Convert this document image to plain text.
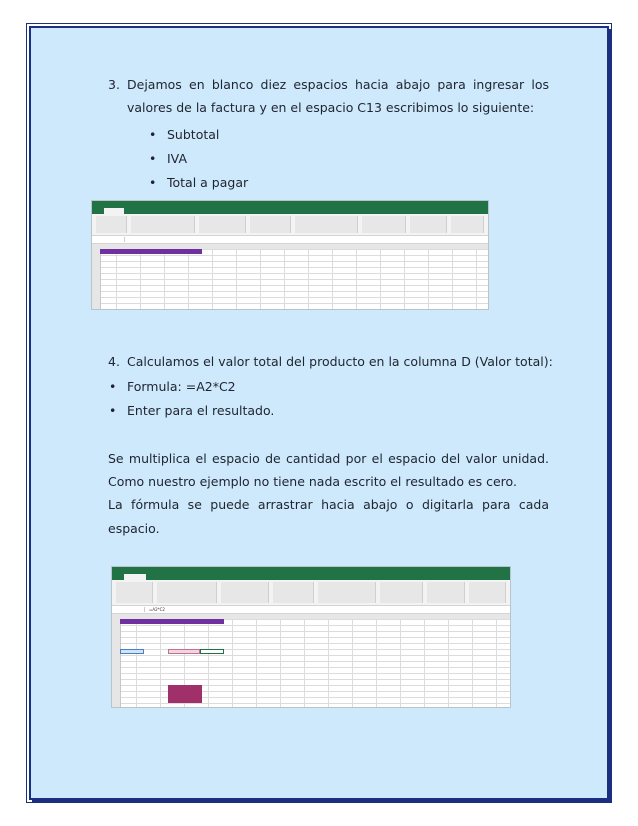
3. Dejamos en blanco diez espacios hacia abajo para ingresar los
valores de la factura y en el espacio C13 escribimos lo siguiente:
• Subtotal
• IVA
• Total a pagar
4. Calculamos el valor total del producto en la columna D (Valor total):
• Formula: =A2*C2
• Enter para el resultado.
Se multiplica el espacio de cantidad por el espacio del valor unidad.
Como nuestro ejemplo no tiene nada escrito el resultado es cero.
La fórmula se puede arrastrar hacia abajo o digitarla para cada
espacio.
=A2*C2
